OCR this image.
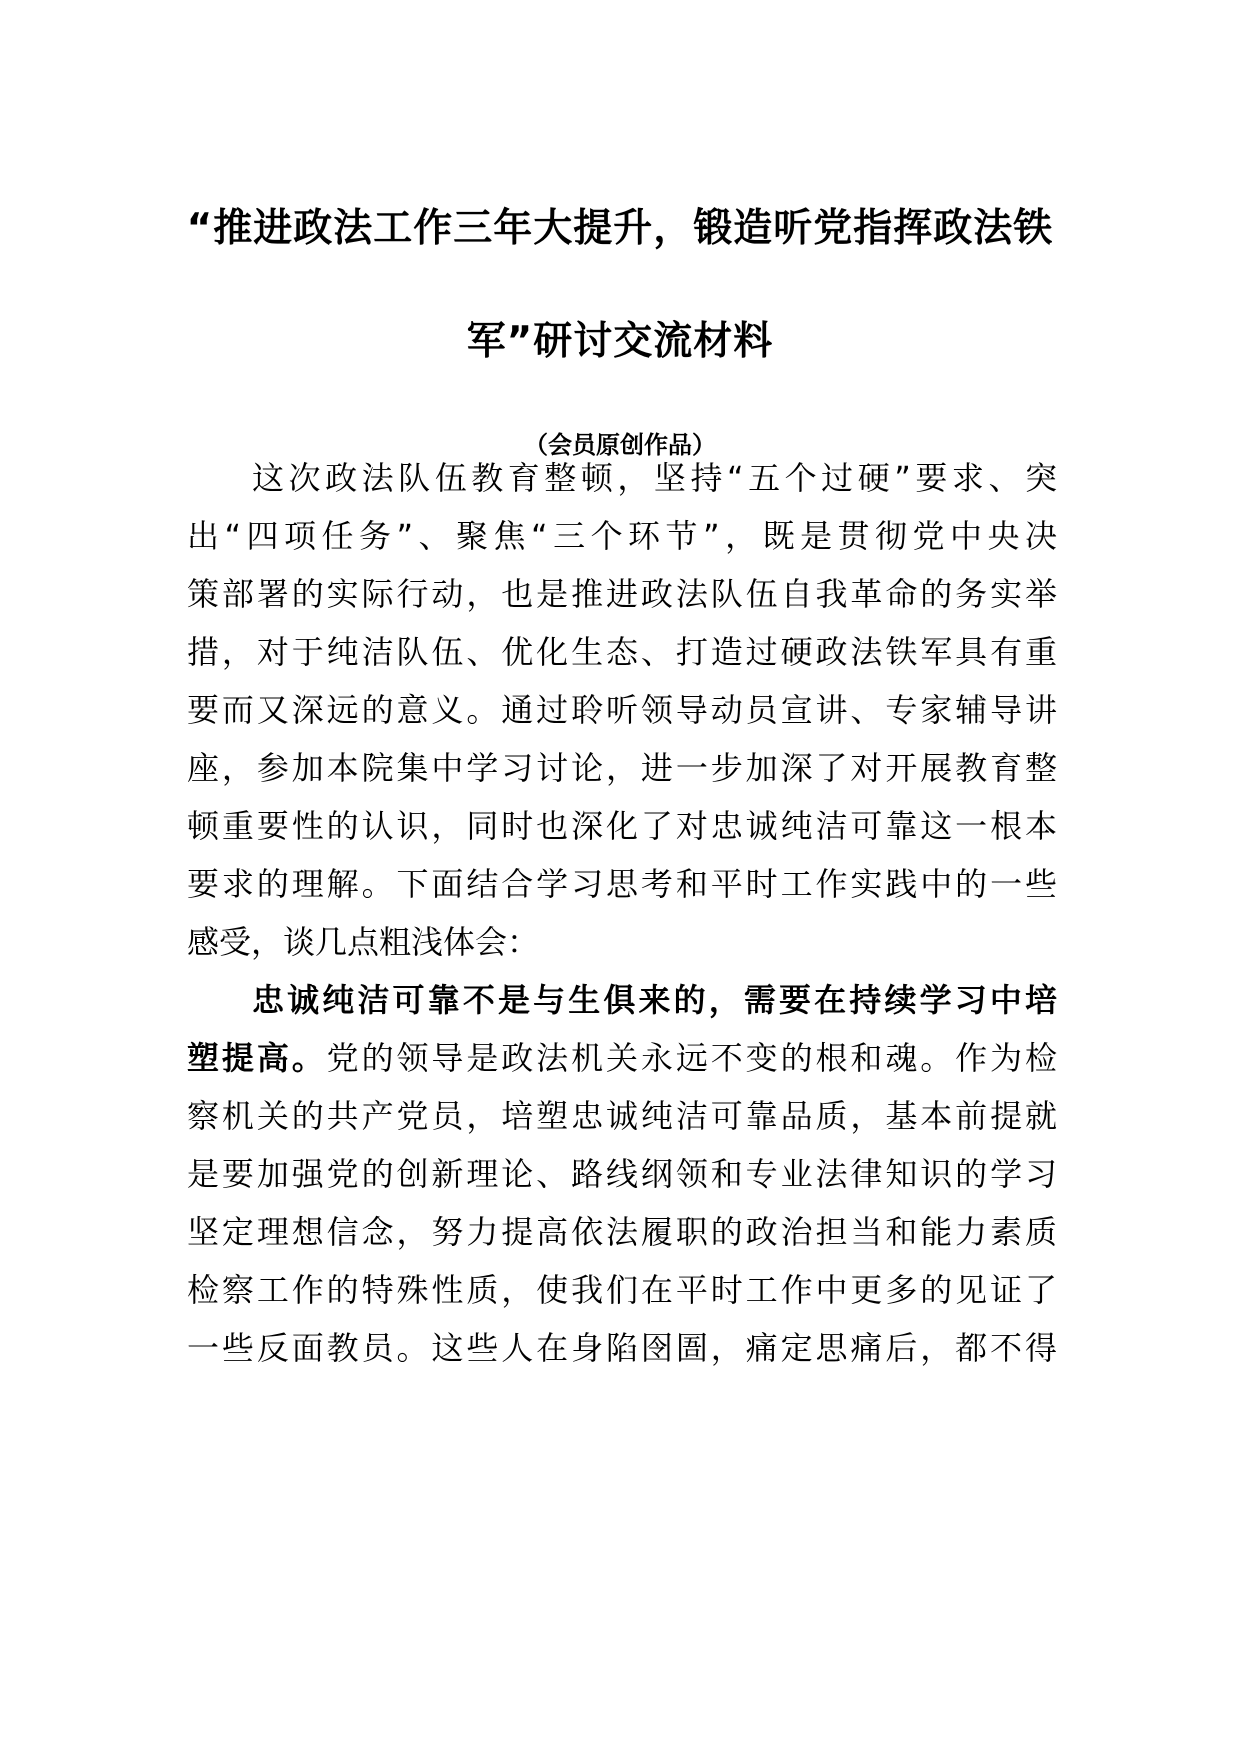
“推进政法工作三年大提升，锻造听党指挥政法铁
军”研讨交流材料
（会员原创作品）
这次政法队伍教育整顿，坚持“五个过硬”要求、突
出“四项任务”、聚焦“三个环节”，既是贯彻党中央决
策部署的实际行动，也是推进政法队伍自我革命的务实举
措，对于纯洁队伍、优化生态、打造过硬政法铁军具有重
要而又深远的意义。通过聆听领导动员宣讲、专家辅导讲
座，参加本院集中学习讨论，进一步加深了对开展教育整
顿重要性的认识，同时也深化了对忠诚纯洁可靠这一根本
要求的理解。下面结合学习思考和平时工作实践中的一些
感受，谈几点粗浅体会：
忠诚纯洁可靠不是与生俱来的，需要在持续学习中培
塑提高。党的领导是政法机关永远不变的根和魂。作为检
察机关的共产党员，培塑忠诚纯洁可靠品质，基本前提就
是要加强党的创新理论、路线纲领和专业法律知识的学习
坚定理想信念，努力提高依法履职的政治担当和能力素质
检察工作的特殊性质，使我们在平时工作中更多的见证了
一些反面教员。这些人在身陷囹圄，痛定思痛后，都不得
